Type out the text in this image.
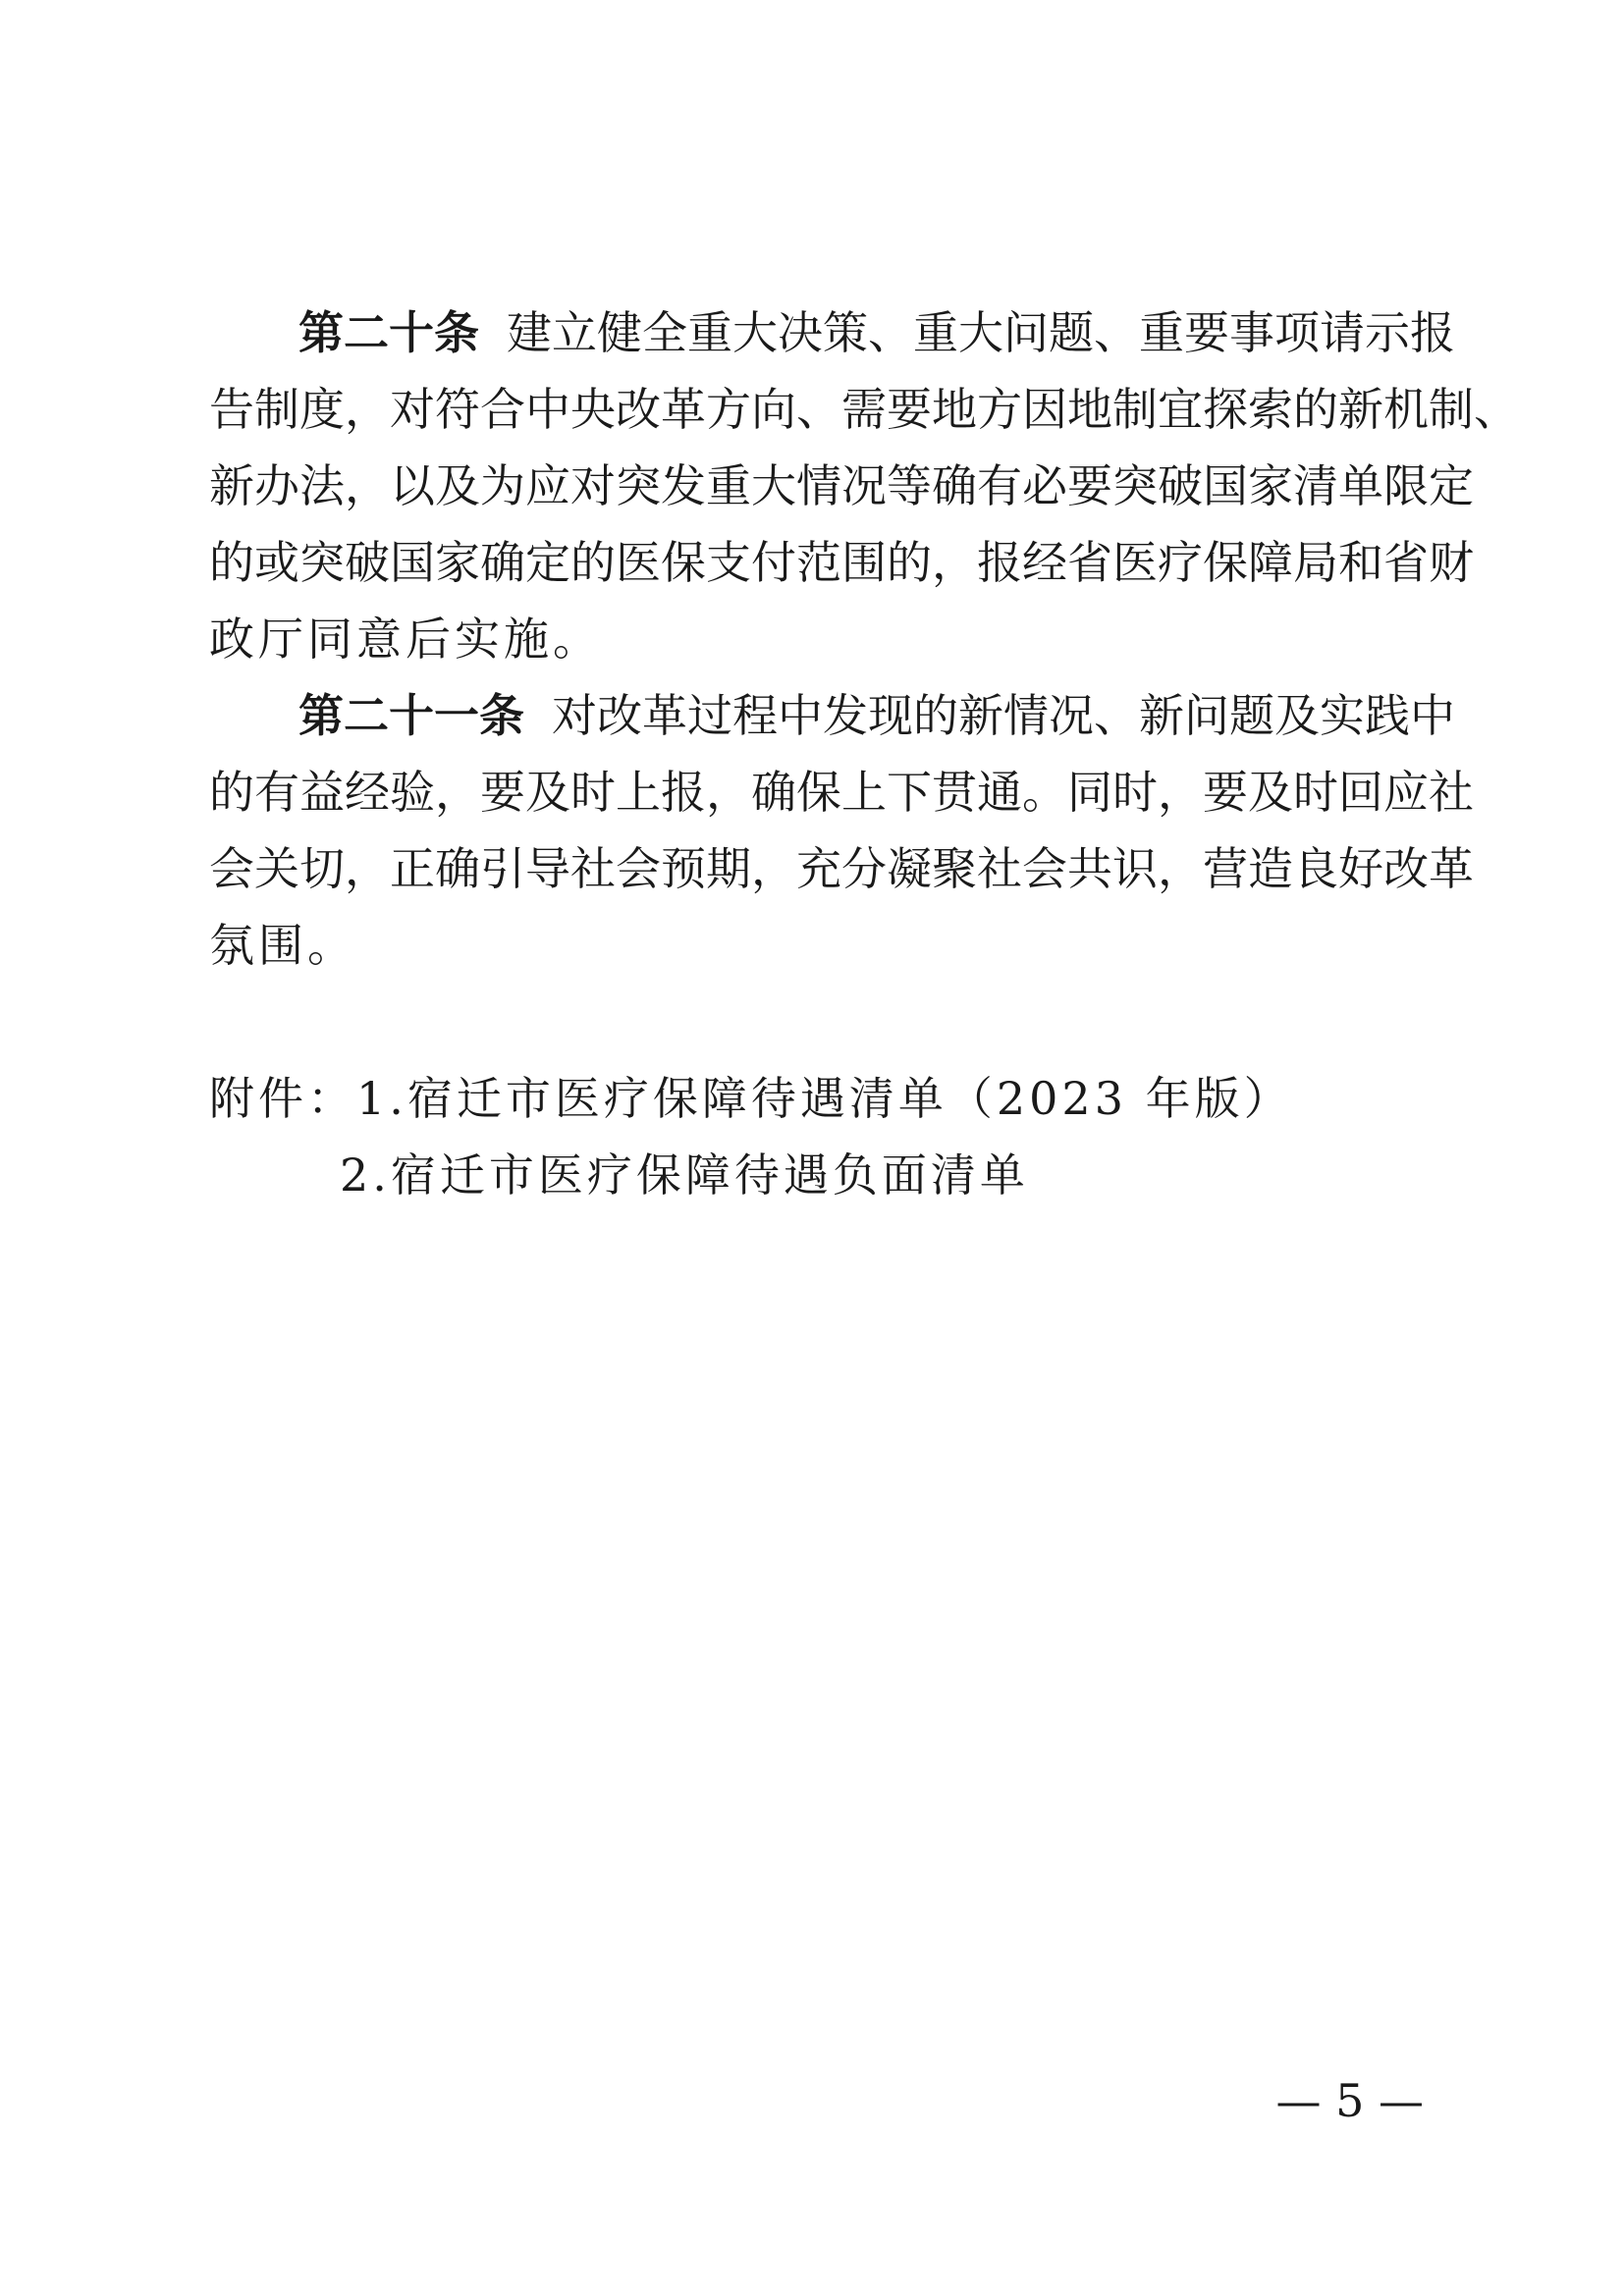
第二十条 建立健全重大决策、重大问题、重要事项请示报
告制度，对符合中央改革方向、需要地方因地制宜探索的新机制、
新办法，以及为应对突发重大情况等确有必要突破国家清单限定
的或突破国家确定的医保支付范围的，报经省医疗保障局和省财
政厅同意后实施。
第二十一条 对改革过程中发现的新情况、新问题及实践中
的有益经验，要及时上报，确保上下贯通。同时，要及时回应社
会关切，正确引导社会预期，充分凝聚社会共识，营造良好改革
氛围。
附件：1.宿迁市医疗保障待遇清单（2023 年版）
2.宿迁市医疗保障待遇负面清单
— 5 —
